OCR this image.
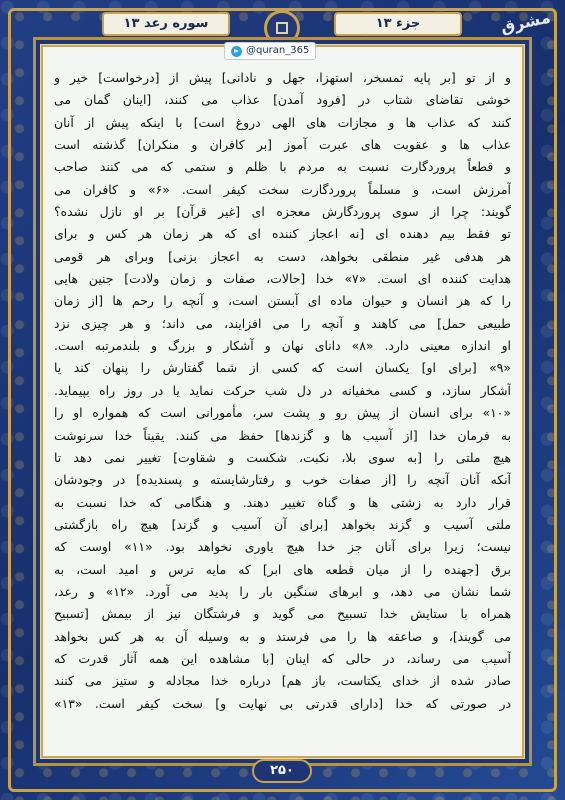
سوره رعد ۱۳	جزء ۱۳	مشرق
@quran_365
و از تو [بر پایه تمسخر، استهزا، جهل و نادانی] پیش از [درخواست] خیر و
خوشی تقاضای شتاب در [فرود آمدن] عذاب می کنند، [اینان گمان می
کنند که عذاب ها و مجازات های الهی دروغ است] با اینکه پیش از آنان
عذاب ها و عقوبت های عبرت آموز [بر کافران و منکران] گذشته است
و قطعاً پروردگارت نسبت به مردم با ظلم و ستمی که می کنند صاحب
آمرزش است، و مسلماً پروردگارت سخت کیفر است. «۶» و کافران می
گویند: چرا از سوی پروردگارش معجزه ای [غیر قرآن] بر او نازل نشده؟
تو فقط بیم دهنده ای [نه اعجاز کننده ای که هر زمان هر کس و برای
هر هدفی غیر منطقی بخواهد، دست به اعجاز بزنی] وبرای هر قومی
هدایت کننده ای است. «۷» خدا [حالات، صفات و زمان ولادت] جنین هایی
را که هر انسان و حیوان ماده ای آبستن است، و آنچه را رحم ها [از زمان
طبیعی حمل] می کاهند و آنچه را می افزایند، می داند؛ و هر چیزی نزد
او اندازه معینی دارد. «۸» دانای نهان و آشکار و بزرگ و بلندمرتبه است.
«۹» [برای او] یکسان است که کسی از شما گفتارش را پنهان کند یا
آشکار سازد، و کسی مخفیانه در دل شب حرکت نماید یا در روز راه بپیماید.
«۱۰» برای انسان از پیش رو و پشت سر، مأمورانی است که همواره او را
به فرمان خدا [از آسیب ها و گزندها] حفظ می کنند. یقیناً خدا سرنوشت
هیچ ملتی را [به سوی بلا، نکبت، شکست و شقاوت] تغییر نمی دهد تا
آنکه آنان آنچه را [از صفات خوب و رفتارشایسته و پسندیده] در وجودشان
قرار دارد به زشتی ها و گناه تغییر دهند. و هنگامی که خدا نسبت به
ملتی آسیب و گزند بخواهد [برای آن آسیب و گزند] هیچ راه بازگشتی
نیست؛ زیرا برای آنان جز خدا هیچ یاوری نخواهد بود. «۱۱» اوست که
برق [جهنده را از میان قطعه های ابر] که مایه ترس و امید است، به
شما نشان می دهد، و ابرهای سنگین بار را پدید می آورد. «۱۲» و رعد،
همراه با ستایش خدا تسبیح می گوید و فرشتگان نیز از بیمش [تسبیح
می گویند]، و صاعقه ها را می فرستد و به وسیله آن به هر کس بخواهد
آسیب می رساند، در حالی که اینان [با مشاهده این همه آثار قدرت که
صادر شده از خدای یکتاست، باز هم] درباره خدا مجادله و ستیز می کنند
در صورتی که خدا [دارای قدرتی بی نهایت و] سخت کیفر است. «۱۳»
۲۵۰
